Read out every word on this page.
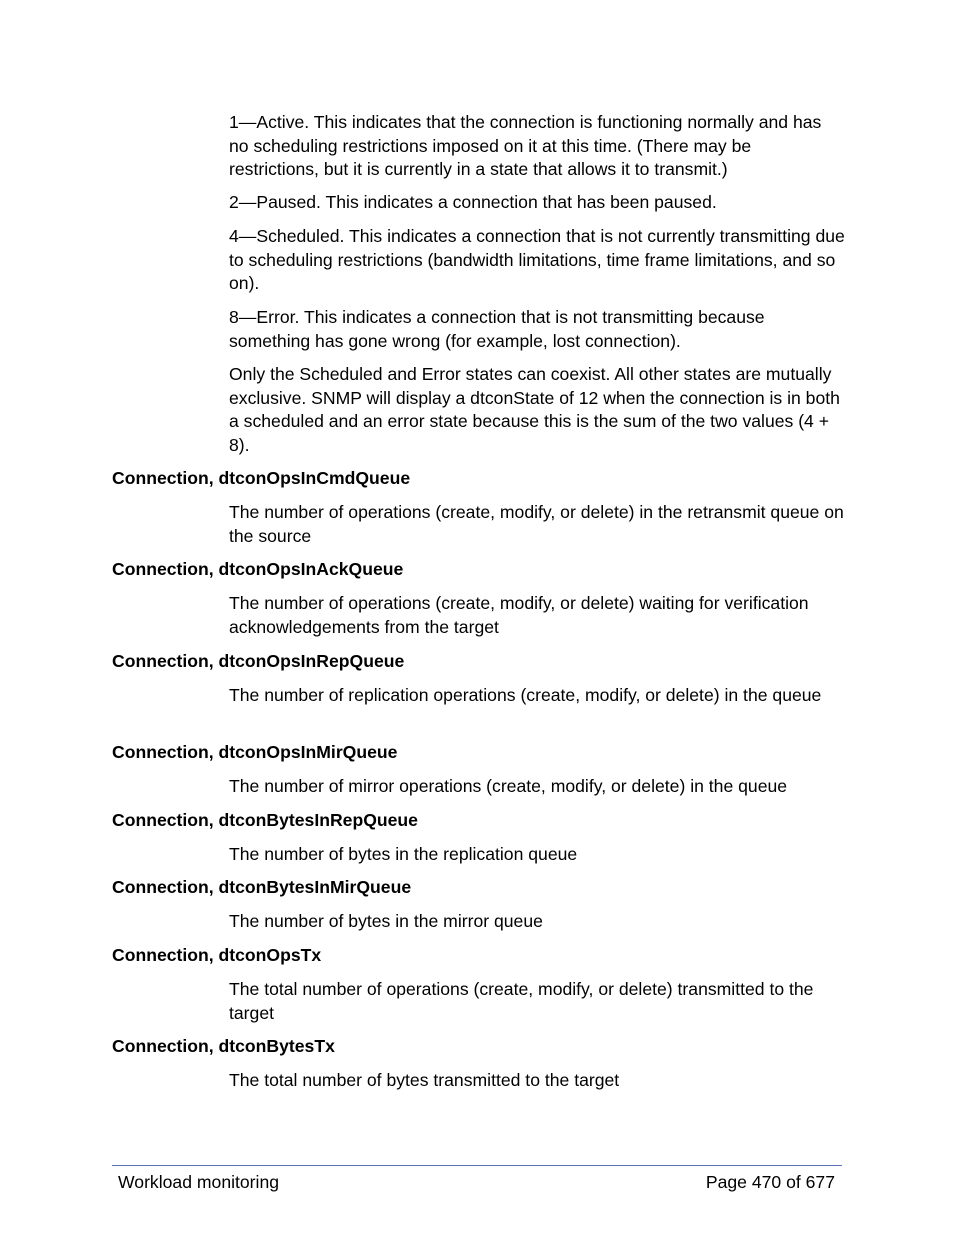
1—Active. This indicates that the connection is functioning normally and has no scheduling restrictions imposed on it at this time. (There may be restrictions, but it is currently in a state that allows it to transmit.)

2—Paused. This indicates a connection that has been paused.

4—Scheduled. This indicates a connection that is not currently transmitting due to scheduling restrictions (bandwidth limitations, time frame limitations, and so on).

8—Error. This indicates a connection that is not transmitting because something has gone wrong (for example, lost connection).

Only the Scheduled and Error states can coexist. All other states are mutually exclusive. SNMP will display a dtconState of 12 when the connection is in both a scheduled and an error state because this is the sum of the two values (4 + 8).

Connection, dtconOpsInCmdQueue

The number of operations (create, modify, or delete) in the retransmit queue on the source

Connection, dtconOpsInAckQueue

The number of operations (create, modify, or delete) waiting for verification acknowledgements from the target

Connection, dtconOpsInRepQueue

The number of replication operations (create, modify, or delete) in the queue

Connection, dtconOpsInMirQueue

The number of mirror operations (create, modify, or delete) in the queue

Connection, dtconBytesInRepQueue

The number of bytes in the replication queue

Connection, dtconBytesInMirQueue

The number of bytes in the mirror queue

Connection, dtconOpsTx

The total number of operations (create, modify, or delete) transmitted to the target

Connection, dtconBytesTx

The total number of bytes transmitted to the target

Workload monitoring	Page 470 of 677
